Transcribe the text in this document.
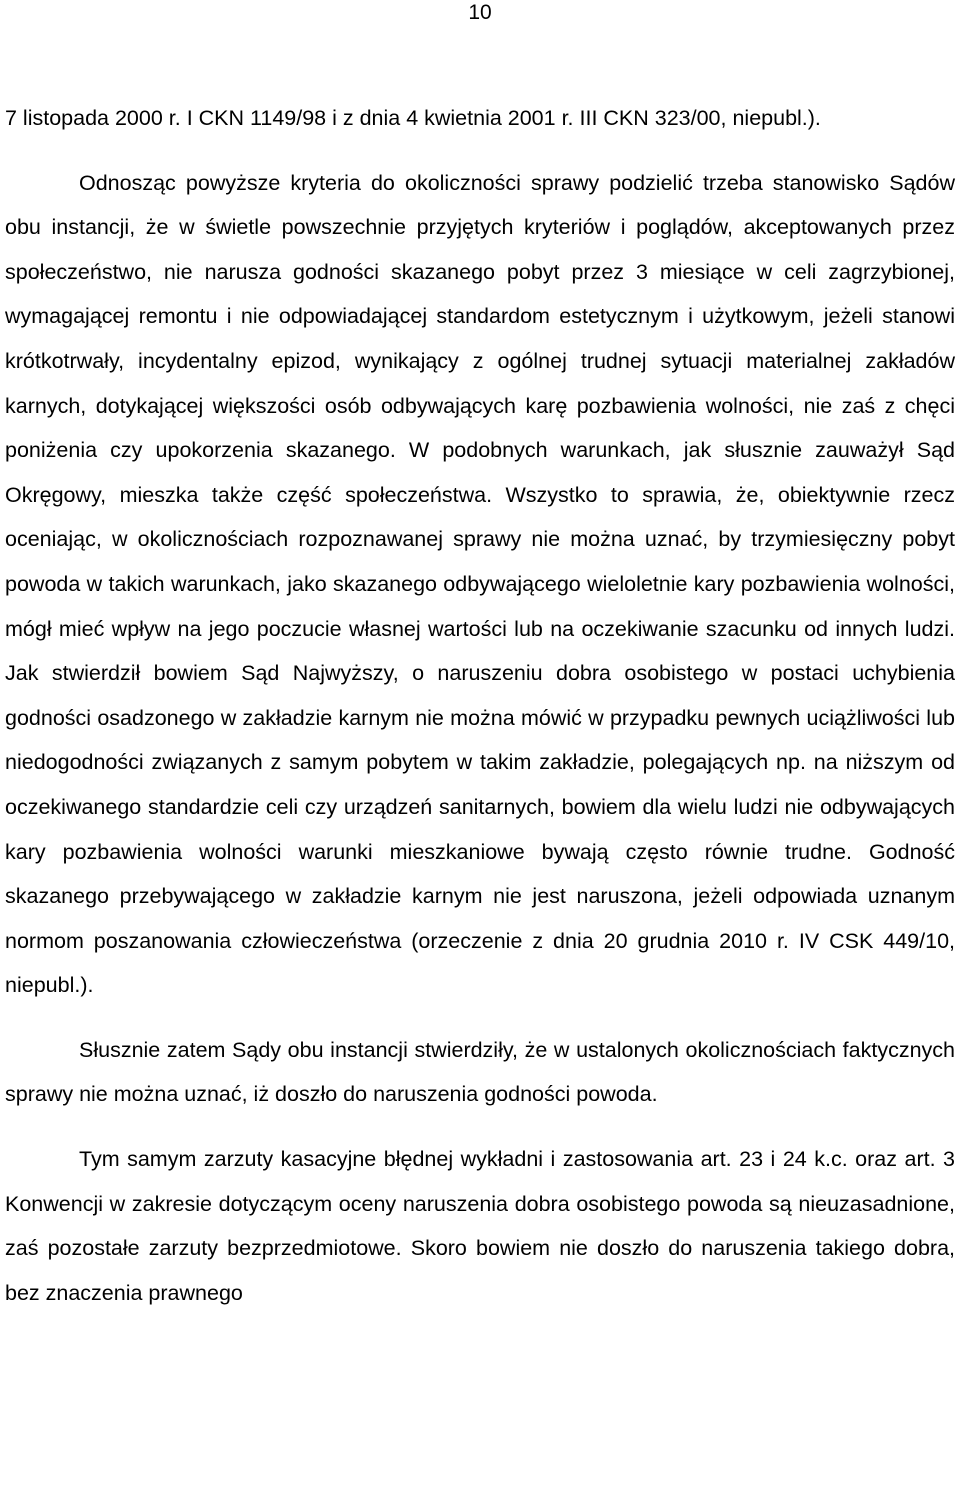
10

7 listopada 2000 r. I CKN 1149/98 i z dnia 4 kwietnia 2001 r. III CKN 323/00, niepubl.).

Odnosząc powyższe kryteria do okoliczności sprawy podzielić trzeba stanowisko Sądów obu instancji, że w świetle powszechnie przyjętych kryteriów i poglądów, akceptowanych przez społeczeństwo, nie narusza godności skazanego pobyt przez 3 miesiące w celi zagrzybionej, wymagającej remontu i nie odpowiadającej standardom estetycznym i użytkowym, jeżeli stanowi krótkotrwały, incydentalny epizod, wynikający z ogólnej trudnej sytuacji materialnej zakładów karnych, dotykającej większości osób odbywających karę pozbawienia wolności, nie zaś z chęci poniżenia czy upokorzenia skazanego. W podobnych warunkach, jak słusznie zauważył Sąd Okręgowy, mieszka także część społeczeństwa. Wszystko to sprawia, że, obiektywnie rzecz oceniając, w okolicznościach rozpoznawanej sprawy nie można uznać, by trzymiesięczny pobyt powoda w takich warunkach, jako skazanego odbywającego wieloletnie kary pozbawienia wolności, mógł mieć wpływ na jego poczucie własnej wartości lub na oczekiwanie szacunku od innych ludzi. Jak stwierdził bowiem Sąd Najwyższy, o naruszeniu dobra osobistego w postaci uchybienia godności osadzonego w zakładzie karnym nie można mówić w przypadku pewnych uciążliwości lub niedogodności związanych z samym pobytem w takim zakładzie, polegających np. na niższym od oczekiwanego standardzie celi czy urządzeń sanitarnych, bowiem dla wielu ludzi nie odbywających kary pozbawienia wolności warunki mieszkaniowe bywają często równie trudne. Godność skazanego przebywającego w zakładzie karnym nie jest naruszona, jeżeli odpowiada uznanym normom poszanowania człowieczeństwa (orzeczenie z dnia 20 grudnia 2010 r. IV CSK 449/10, niepubl.).

Słusznie zatem Sądy obu instancji stwierdziły, że w ustalonych okolicznościach faktycznych sprawy nie można uznać, iż doszło do naruszenia godności powoda.

Tym samym zarzuty kasacyjne błędnej wykładni i zastosowania art. 23 i 24 k.c. oraz art. 3 Konwencji w zakresie dotyczącym oceny naruszenia dobra osobistego powoda są nieuzasadnione, zaś pozostałe zarzuty bezprzedmiotowe. Skoro bowiem nie doszło do naruszenia takiego dobra, bez znaczenia prawnego
